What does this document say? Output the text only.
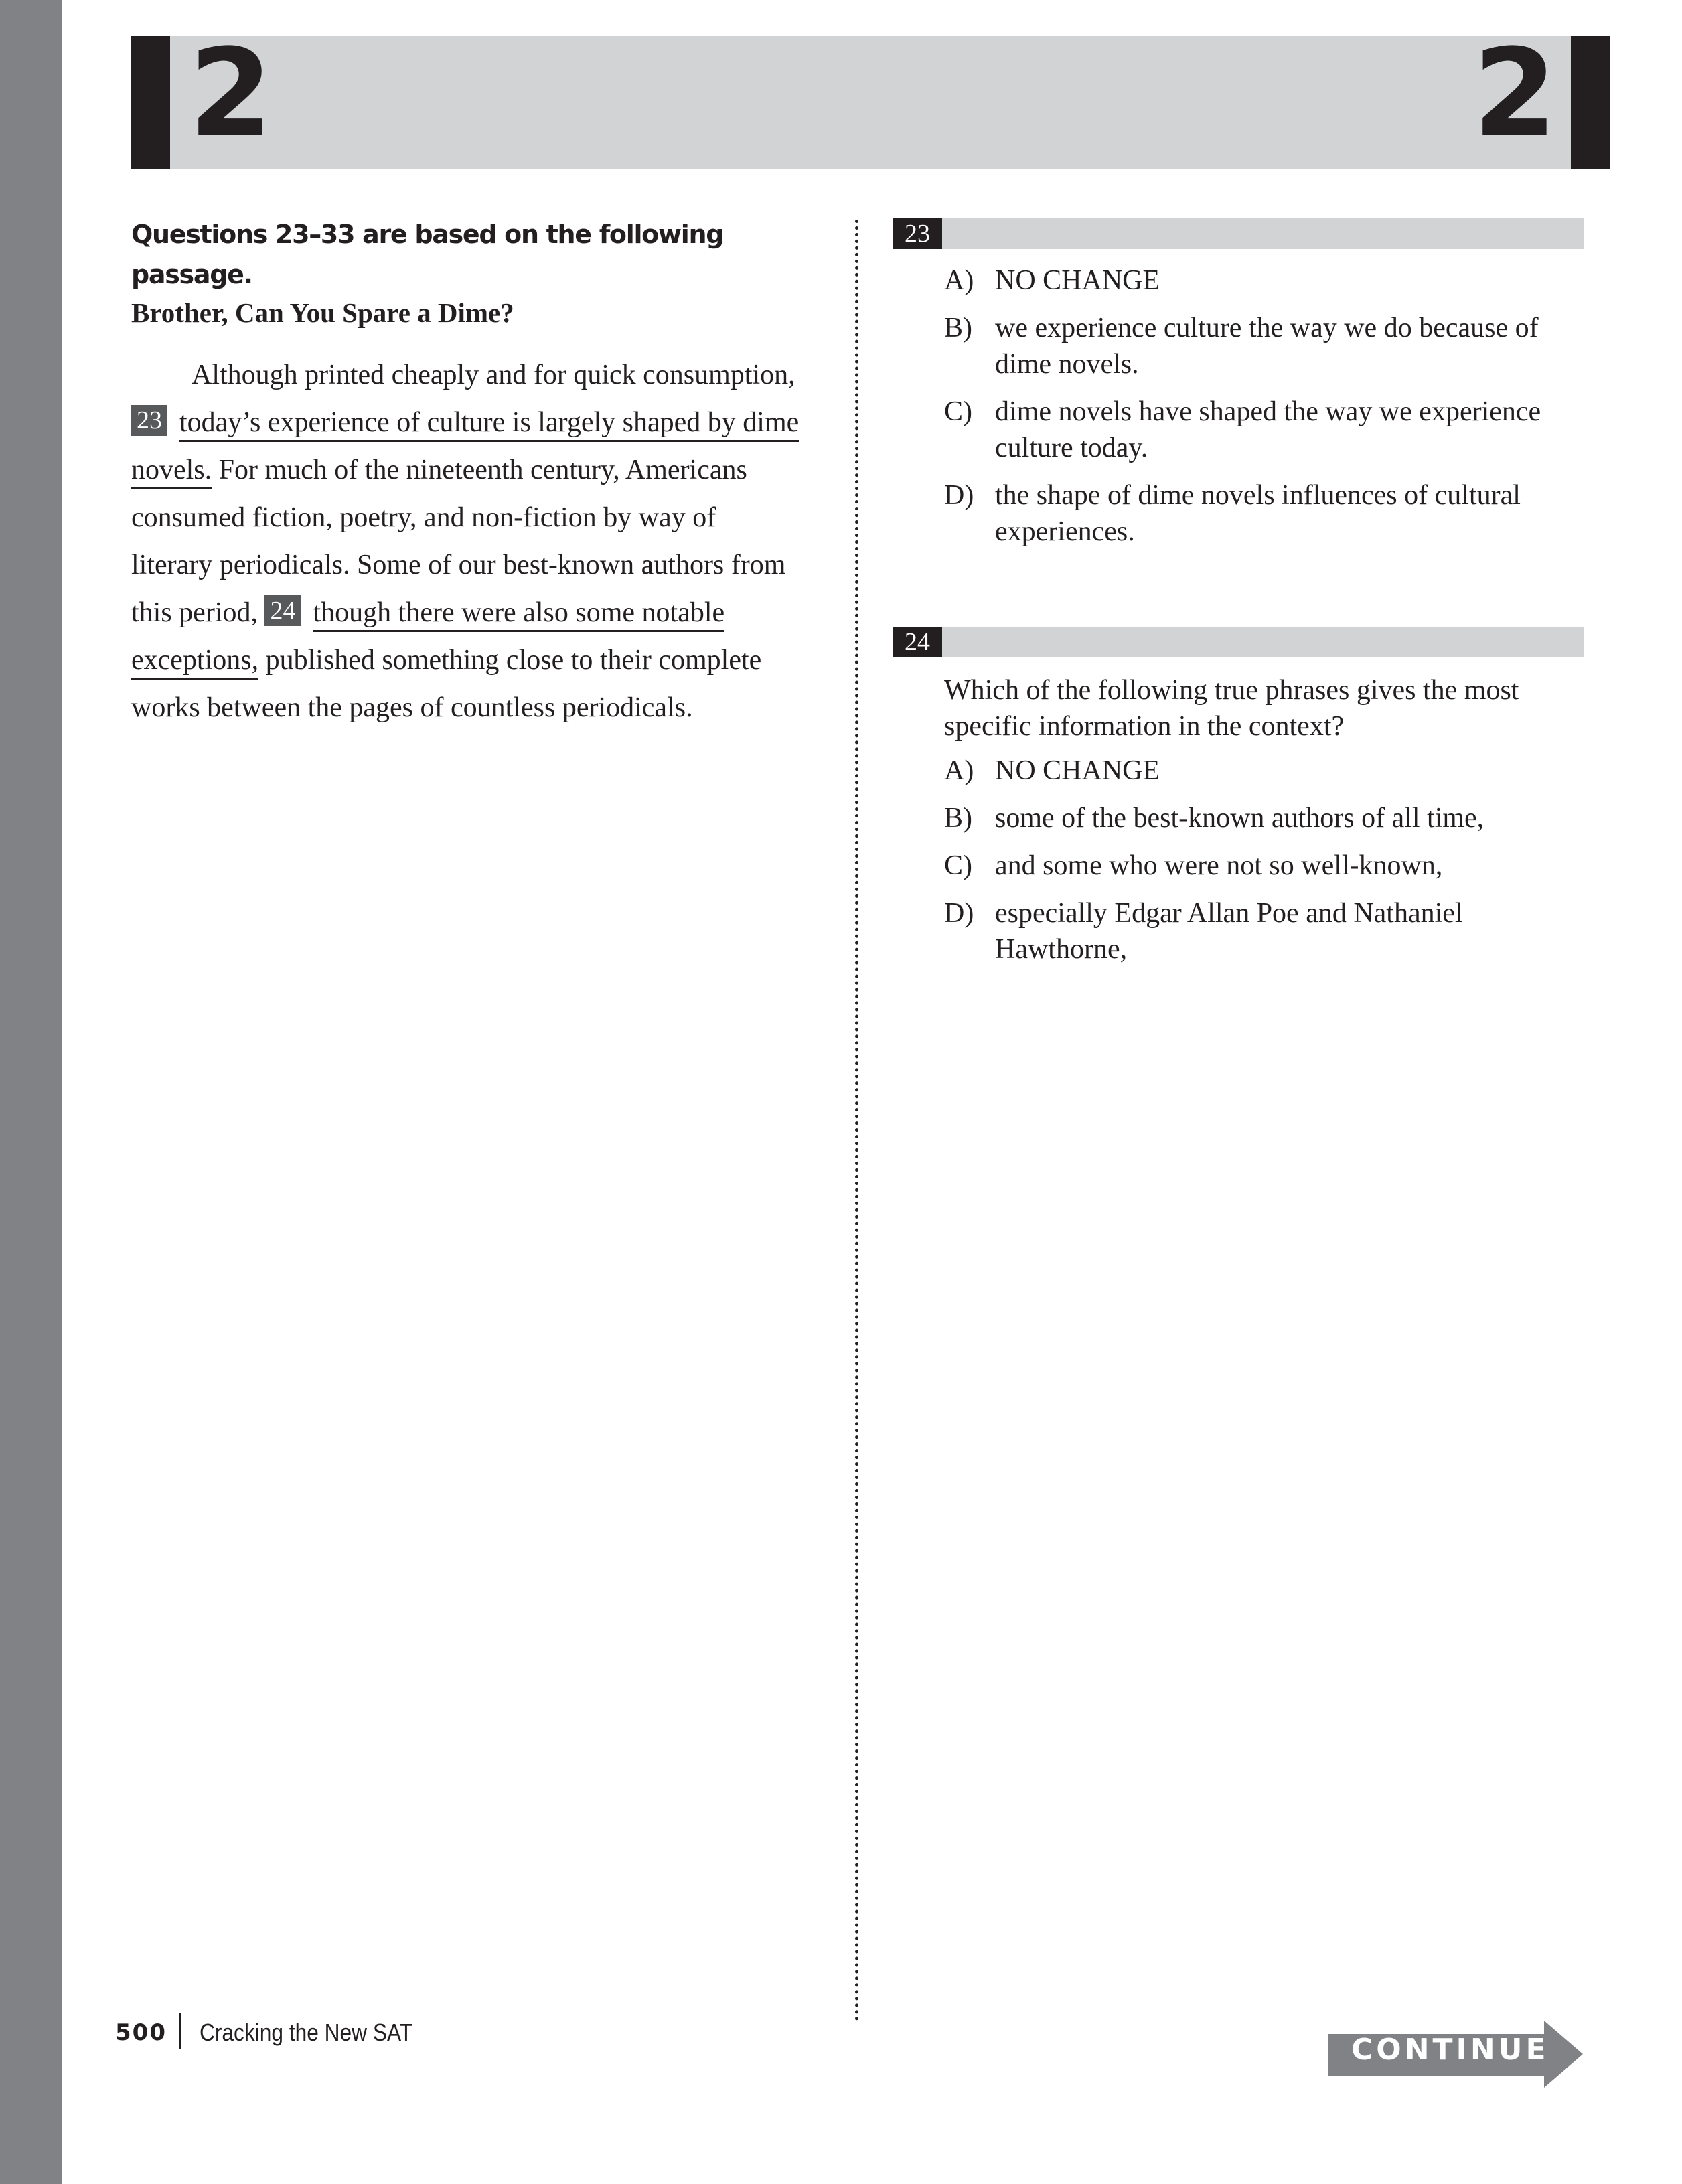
2	2
Questions 23–33 are based on the following passage.
Brother, Can You Spare a Dime?
Although printed cheaply and for quick consumption,
23 today’s experience of culture is largely shaped by dime
novels. For much of the nineteenth century, Americans
consumed fiction, poetry, and non-fiction by way of
literary periodicals. Some of our best-known authors from
this period, 24 though there were also some notable
exceptions, published something close to their complete
works between the pages of countless periodicals.
23
A) NO CHANGE
B) we experience culture the way we do because of dime novels.
C) dime novels have shaped the way we experience culture today.
D) the shape of dime novels influences of cultural experiences.
24
Which of the following true phrases gives the most specific information in the context?
A) NO CHANGE
B) some of the best-known authors of all time,
C) and some who were not so well-known,
D) especially Edgar Allan Poe and Nathaniel Hawthorne,
500 Cracking the New SAT
CONTINUE
